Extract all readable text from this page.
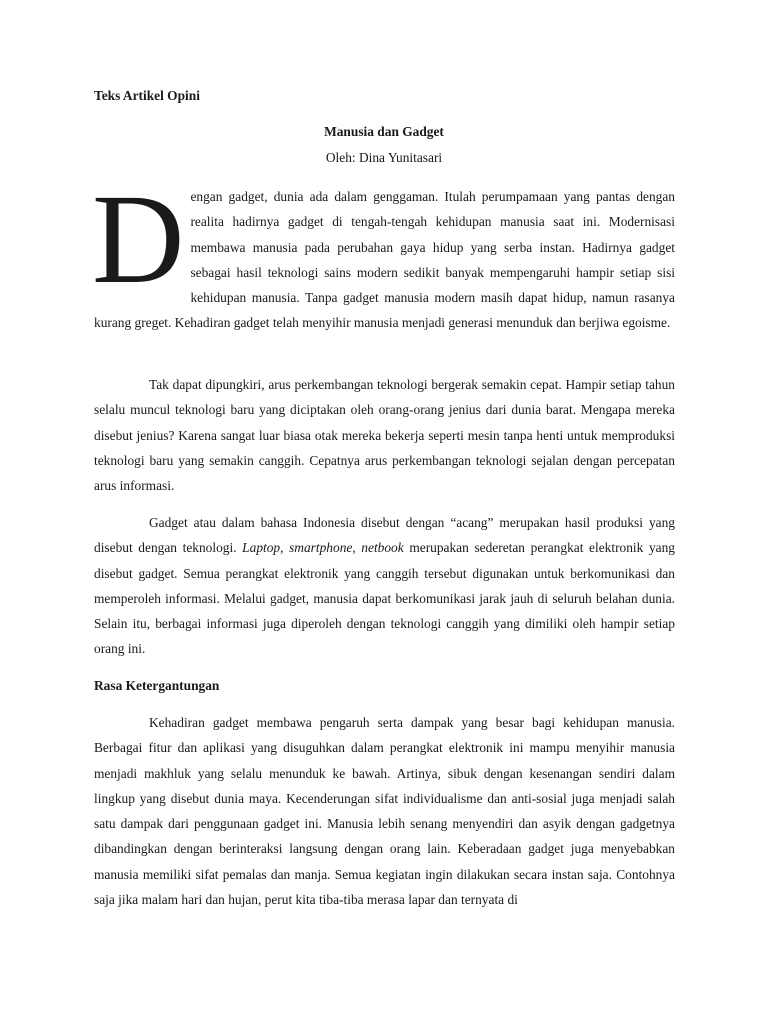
Teks Artikel Opini
Manusia dan Gadget
Oleh: Dina Yunitasari

Dengan gadget, dunia ada dalam genggaman. Itulah perumpamaan yang pantas dengan realita hadirnya gadget di tengah-tengah kehidupan manusia saat ini. Modernisasi membawa manusia pada perubahan gaya hidup yang serba instan. Hadirnya gadget sebagai hasil teknologi sains modern sedikit banyak mempengaruhi hampir setiap sisi kehidupan manusia. Tanpa gadget manusia modern masih dapat hidup, namun rasanya kurang greget. Kehadiran gadget telah menyihir manusia menjadi generasi menunduk dan berjiwa egoisme.

Tak dapat dipungkiri, arus perkembangan teknologi bergerak semakin cepat. Hampir setiap tahun selalu muncul teknologi baru yang diciptakan oleh orang-orang jenius dari dunia barat. Mengapa mereka disebut jenius? Karena sangat luar biasa otak mereka bekerja seperti mesin tanpa henti untuk memproduksi teknologi baru yang semakin canggih. Cepatnya arus perkembangan teknologi sejalan dengan percepatan arus informasi.

Gadget atau dalam bahasa Indonesia disebut dengan “acang” merupakan hasil produksi yang disebut dengan teknologi. Laptop, smartphone, netbook merupakan sederetan perangkat elektronik yang disebut gadget. Semua perangkat elektronik yang canggih tersebut digunakan untuk berkomunikasi dan memperoleh informasi. Melalui gadget, manusia dapat berkomunikasi jarak jauh di seluruh belahan dunia. Selain itu, berbagai informasi juga diperoleh dengan teknologi canggih yang dimiliki oleh hampir setiap orang ini.

Rasa Ketergantungan

Kehadiran gadget membawa pengaruh serta dampak yang besar bagi kehidupan manusia. Berbagai fitur dan aplikasi yang disuguhkan dalam perangkat elektronik ini mampu menyihir manusia menjadi makhluk yang selalu menunduk ke bawah. Artinya, sibuk dengan kesenangan sendiri dalam lingkup yang disebut dunia maya. Kecenderungan sifat individualisme dan anti-sosial juga menjadi salah satu dampak dari penggunaan gadget ini. Manusia lebih senang menyendiri dan asyik dengan gadgetnya dibandingkan dengan berinteraksi langsung dengan orang lain. Keberadaan gadget juga menyebabkan manusia memiliki sifat pemalas dan manja. Semua kegiatan ingin dilakukan secara instan saja. Contohnya saja jika malam hari dan hujan, perut kita tiba-tiba merasa lapar dan ternyata di
